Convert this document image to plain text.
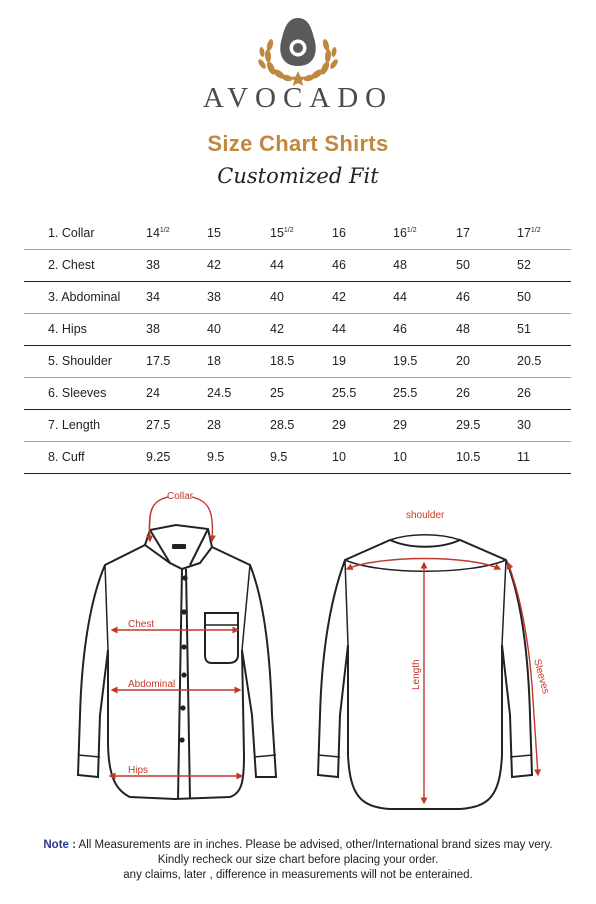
AVOCADO
Size Chart Shirts
Customized Fit
1. Collar	$14^{1/2}$	15	$15^{1/2}$	16	$16^{1/2}$	17	$17^{1/2}$
2. Chest	38	42	44	46	48	50	52
3. Abdominal 34	38	40	42	44	46	50
4. Hips	38	40	42	44	46	48	51
5. Shoulder	17.5	18	18.5	19	19.5	20	20.5
6. Sleeves	24	24.5	25	25.5	25.5	26	26
7. Length	27.5	28	28.5	29	29	29.5	30
8. Cuff	9.25	9.5	9.5	10	10	10.5	11
Collar
Chest
Abdominal
Hips
shoulder
Length	Sleeves
Note : All Measurements are in inches. Please be advised, other/International brand sizes may very.
Kindly recheck our size chart before placing your order.
any claims, later , difference in measurements will not be enterained.
